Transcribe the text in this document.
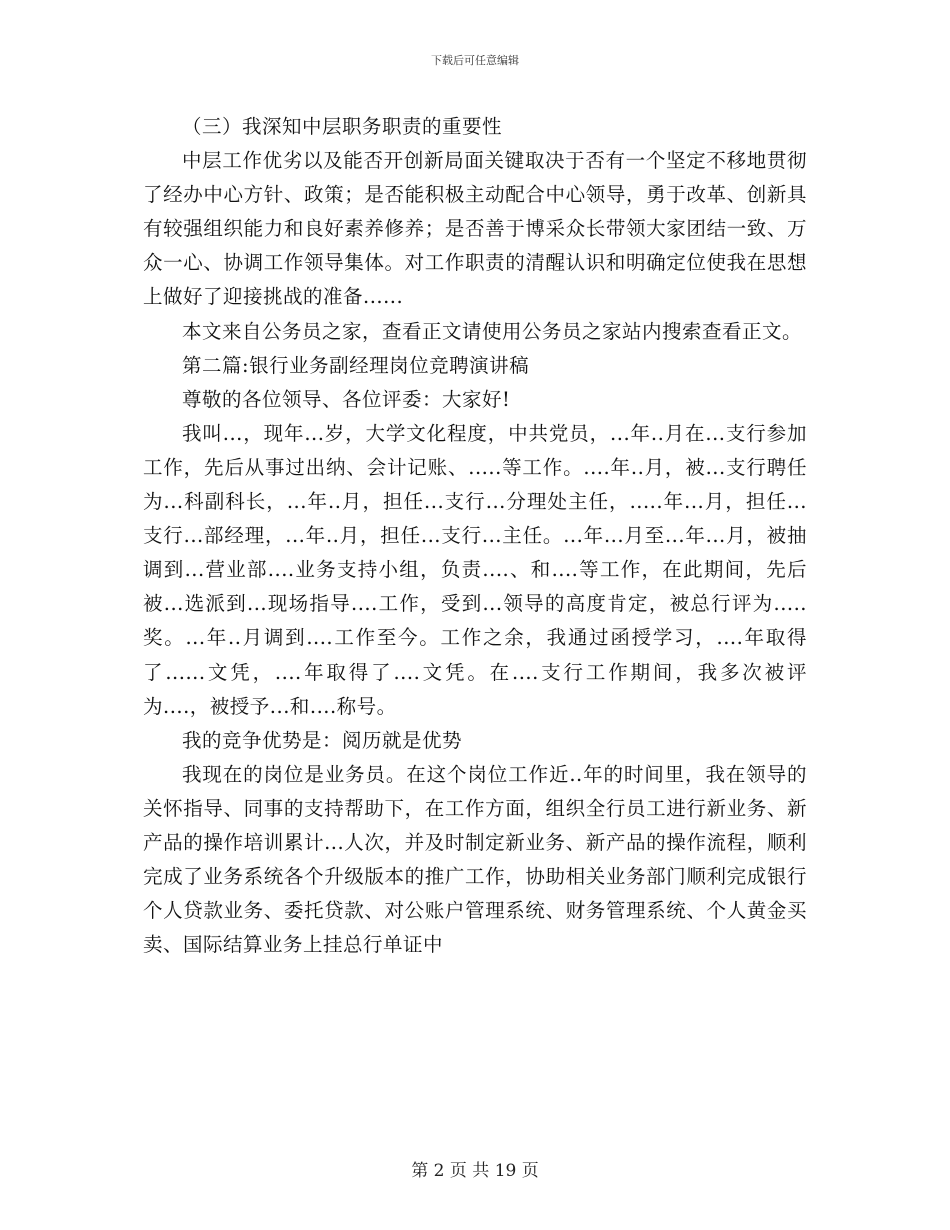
下载后可任意编辑

（三）我深知中层职务职责的重要性

中层工作优劣以及能否开创新局面关键取决于否有一个坚定不移地贯彻了经办中心方针、政策；是否能积极主动配合中心领导，勇于改革、创新具有较强组织能力和良好素养修养；是否善于博采众长带领大家团结一致、万众一心、协调工作领导集体。对工作职责的清醒认识和明确定位使我在思想上做好了迎接挑战的准备......

本文来自公务员之家，查看正文请使用公务员之家站内搜索查看正文。

第二篇:银行业务副经理岗位竞聘演讲稿

尊敬的各位领导、各位评委：大家好!

我叫...，现年...岁，大学文化程度，中共党员，...年..月在...支行参加工作，先后从事过出纳、会计记账、.....等工作。....年..月，被...支行聘任为...科副科长，...年..月，担任...支行...分理处主任，.....年...月，担任...支行...部经理，...年..月，担任...支行...主任。...年...月至...年...月，被抽调到...营业部....业务支持小组，负责....、和....等工作，在此期间，先后被...选派到...现场指导....工作，受到...领导的高度肯定，被总行评为.....奖。...年..月调到....工作至今。工作之余，我通过函授学习，....年取得了......文凭，....年取得了....文凭。在....支行工作期间，我多次被评为....，被授予...和....称号。

我的竞争优势是：阅历就是优势

我现在的岗位是业务员。在这个岗位工作近..年的时间里，我在领导的关怀指导、同事的支持帮助下，在工作方面，组织全行员工进行新业务、新产品的操作培训累计...人次，并及时制定新业务、新产品的操作流程，顺利完成了业务系统各个升级版本的推广工作，协助相关业务部门顺利完成银行个人贷款业务、委托贷款、对公账户管理系统、财务管理系统、个人黄金买卖、国际结算业务上挂总行单证中

第 2 页 共 19 页
